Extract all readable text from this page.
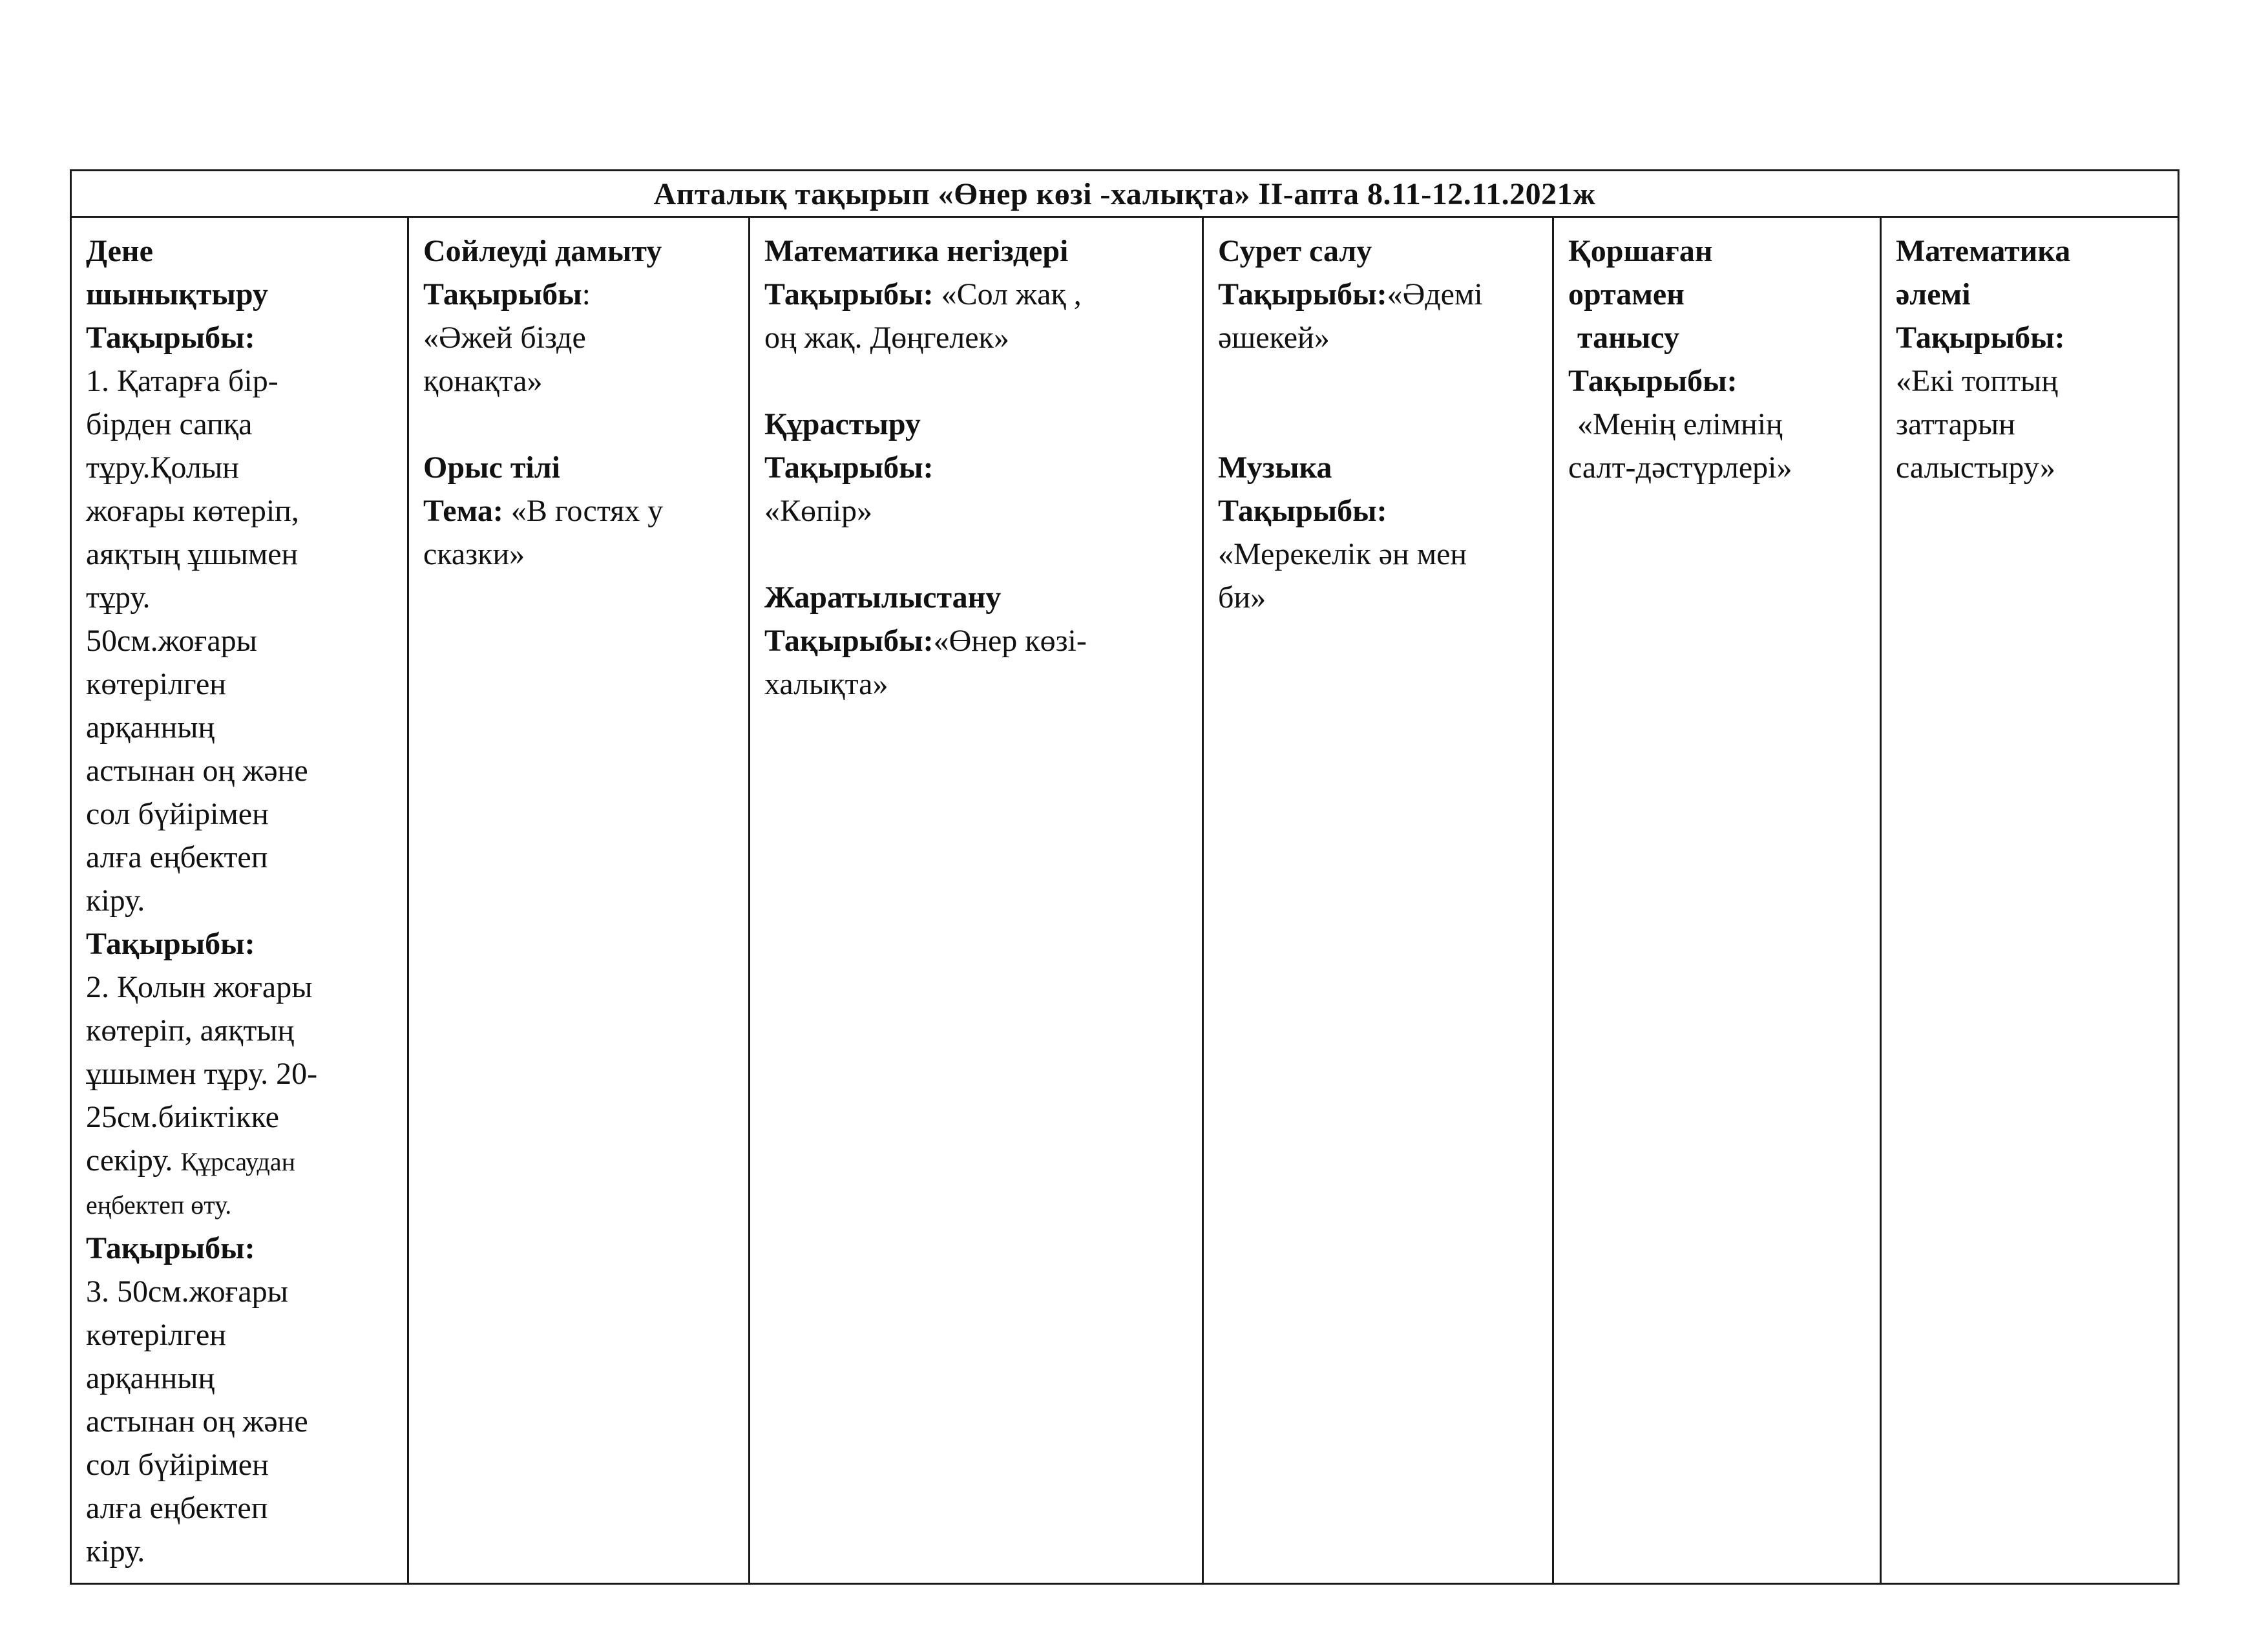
Апталық тақырып «Өнер көзі -халықта» ІІ-апта 8.11-12.11.2021ж
Дене
шынықтыру
Тақырыбы:
1. Қатарға бір-
бірден сапқа
тұру.Қолын
жоғары көтеріп,
аяқтың ұшымен
тұру.
50см.жоғары
көтерілген
арқанның
астынан оң және
сол бүйірімен
алға еңбектеп
кіру.
Тақырыбы:
2. Қолын жоғары
көтеріп, аяқтың
ұшымен тұру. 20-
25см.биіктікке
секіру. Құрсаудан
еңбектеп өту.
Тақырыбы:
3. 50см.жоғары
көтерілген
арқанның
астынан оң және
сол бүйірімен
алға еңбектеп
кіру.
Сойлеуді дамыту
Тақырыбы:
«Әжей бізде
қонақта»
Орыс тілі
Тема: «В гостях у
сказки»
Математика негіздері
Тақырыбы: «Сол жақ ,
оң жақ. Дөңгелек»
Құрастыру
Тақырыбы:
«Көпір»
Жаратылыстану
Тақырыбы:«Өнер көзі-
халықта»
Сурет салу
Тақырыбы:«Әдемі
әшекей»
Музыка
Тақырыбы:
«Мерекелік ән мен
би»
Қоршаған
ортамен
танысу
Тақырыбы:
«Менің елімнің
салт-дәстүрлері»
Математика
әлемі
Тақырыбы:
«Екі топтың
заттарын
салыстыру»
